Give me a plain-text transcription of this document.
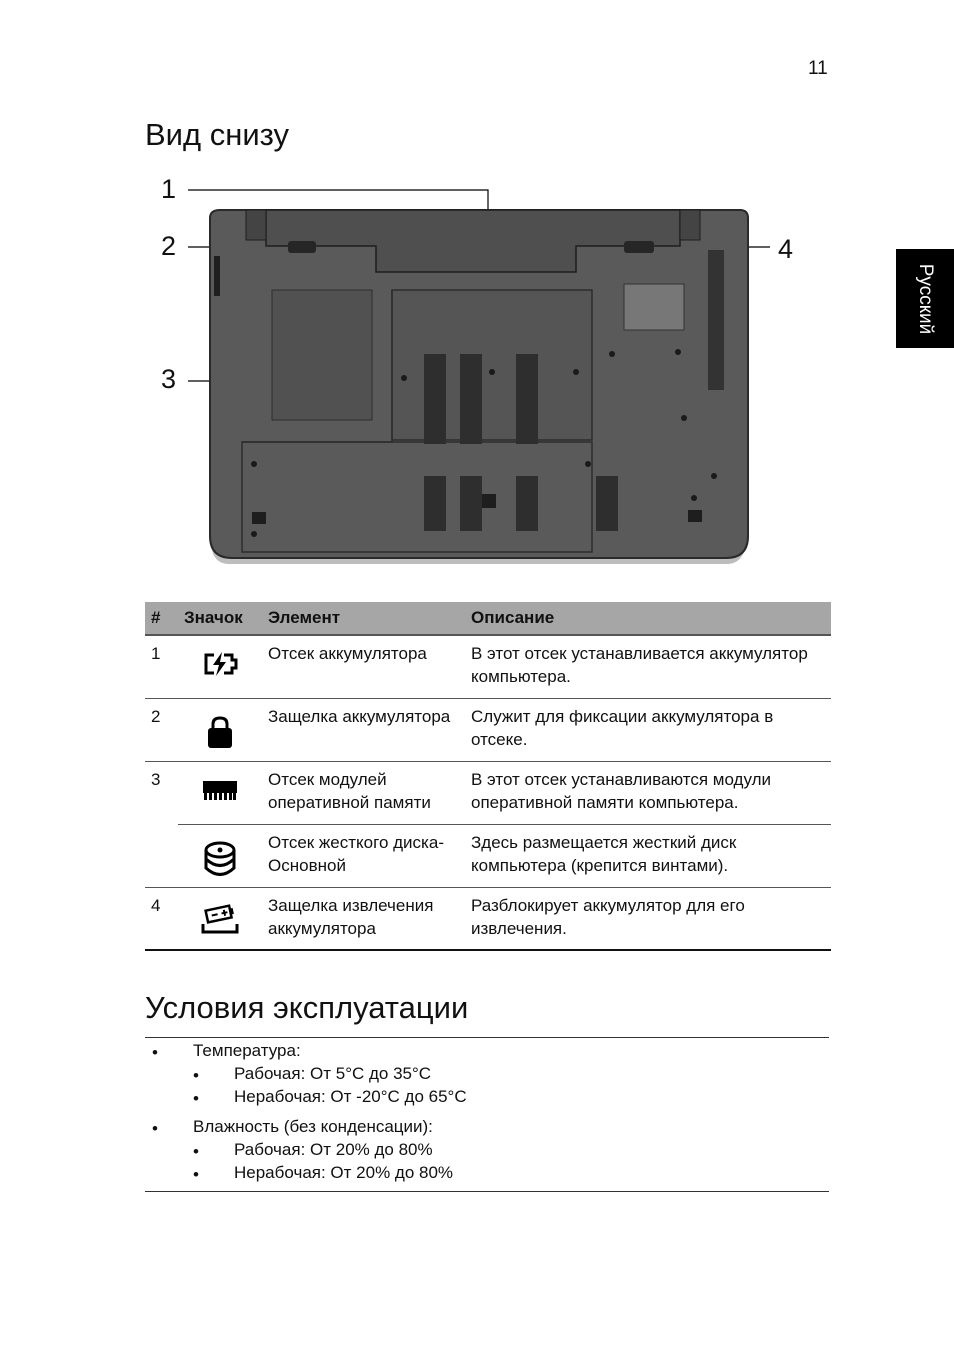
11
Русский
Вид снизу
1
2
3
4
#	Значок	Элемент	Описание
1		Отсек аккумулятора	В этот отсек устанавливается аккумулятор компьютера.
2		Защелка аккумулятора	Служит для фиксации аккумулятора в отсеке.
3		Отсек модулей оперативной памяти	В этот отсек устанавливаются модули оперативной памяти компьютера.
		Отсек жесткого диска-Основной	Здесь размещается жесткий диск компьютера (крепится винтами).
4		Защелка извлечения аккумулятора	Разблокирует аккумулятор для его извлечения.
Условия эксплуатации
• Температура:
• Рабочая: От 5°C до 35°C
• Нерабочая: От -20°C до 65°C
• Влажность (без конденсации):
• Рабочая: От 20% до 80%
• Нерабочая: От 20% до 80%
